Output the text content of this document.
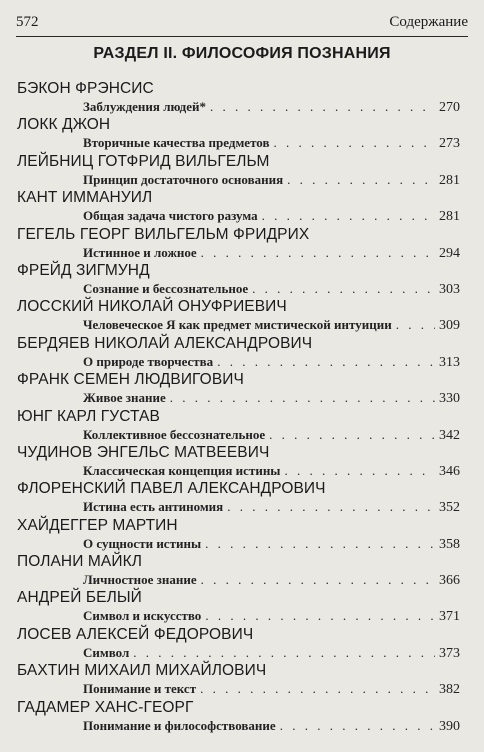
572	Содержание
РАЗДЕЛ II. ФИЛОСОФИЯ ПОЗНАНИЯ
БЭКОН ФРЭНСИС
Заблуждения людей* . . .	270
ЛОКК ДЖОН
Вторичные качества предметов . . .	273
ЛЕЙБНИЦ ГОТФРИД ВИЛЬГЕЛЬМ
Принцип достаточного основания . . .	281
КАНТ ИММАНУИЛ
Общая задача чистого разума . . .	281
ГЕГЕЛЬ ГЕОРГ ВИЛЬГЕЛЬМ ФРИДРИХ
Истинное и ложное . . .	294
ФРЕЙД ЗИГМУНД
Сознание и бессознательное . . .	303
ЛОССКИЙ НИКОЛАЙ ОНУФРИЕВИЧ
Человеческое Я как предмет мистической интуиции . . .	309
БЕРДЯЕВ НИКОЛАЙ АЛЕКСАНДРОВИЧ
О природе творчества . . .	313
ФРАНК СЕМЕН ЛЮДВИГОВИЧ
Живое знание . . .	330
ЮНГ КАРЛ ГУСТАВ
Коллективное бессознательное . . .	342
ЧУДИНОВ ЭНГЕЛЬС МАТВЕЕВИЧ
Классическая концепция истины . . .	346
ФЛОРЕНСКИЙ ПАВЕЛ АЛЕКСАНДРОВИЧ
Истина есть антиномия . . .	352
ХАЙДЕГГЕР МАРТИН
О сущности истины . . .	358
ПОЛАНИ МАЙКЛ
Личностное знание . . .	366
АНДРЕЙ БЕЛЫЙ
Символ и искусство . . .	371
ЛОСЕВ АЛЕКСЕЙ ФЕДОРОВИЧ
Символ . . .	373
БАХТИН МИХАИЛ МИХАЙЛОВИЧ
Понимание и текст . . .	382
ГАДАМЕР ХАНС-ГЕОРГ
Понимание и философствование . . .	390
